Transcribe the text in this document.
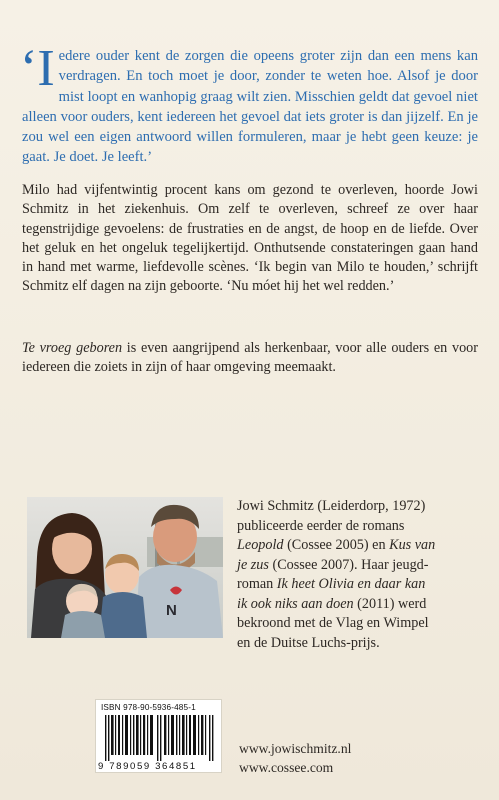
‘I edere ouder kent de zorgen die opeens groter zijn dan een mens kan verdragen. En toch moet je door, zonder te weten hoe. Alsof je door mist loopt en wanhopig graag wilt zien. Misschien geldt dat gevoel niet alleen voor ouders, kent iedereen het gevoel dat iets groter is dan jijzelf. En je zou wel een eigen antwoord willen formuleren, maar je hebt geen keuze: je gaat. Je doet. Je leeft.’

Milo had vijfentwintig procent kans om gezond te overleven, hoorde Jowi Schmitz in het ziekenhuis. Om zelf te overleven, schreef ze over haar tegenstrijdige gevoelens: de frustraties en de angst, de hoop en de liefde. Over het geluk en het ongeluk tegelijkertijd. Onthutsende constateringen gaan hand in hand met warme, liefdevolle scènes. ‘Ik begin van Milo te houden,’ schrijft Schmitz elf dagen na zijn geboorte. ‘Nu móet hij het wel redden.’

Te vroeg geboren is even aangrijpend als herkenbaar, voor alle ouders en voor iedereen die zoiets in zijn of haar omgeving meemaakt.

N
Jowi Schmitz (Leiderdorp, 1972)
publiceerde eerder de romans
Leopold (Cossee 2005) en Kus van
je zus (Cossee 2007). Haar jeugd-
roman Ik heet Olivia en daar kan
ik ook niks aan doen (2011) werd
bekroond met de Vlag en Wimpel
en de Duitse Luchs-prijs.
ISBN 978-90-5936-485-1
9 789059 364851
www.jowischmitz.nl
www.cossee.com
